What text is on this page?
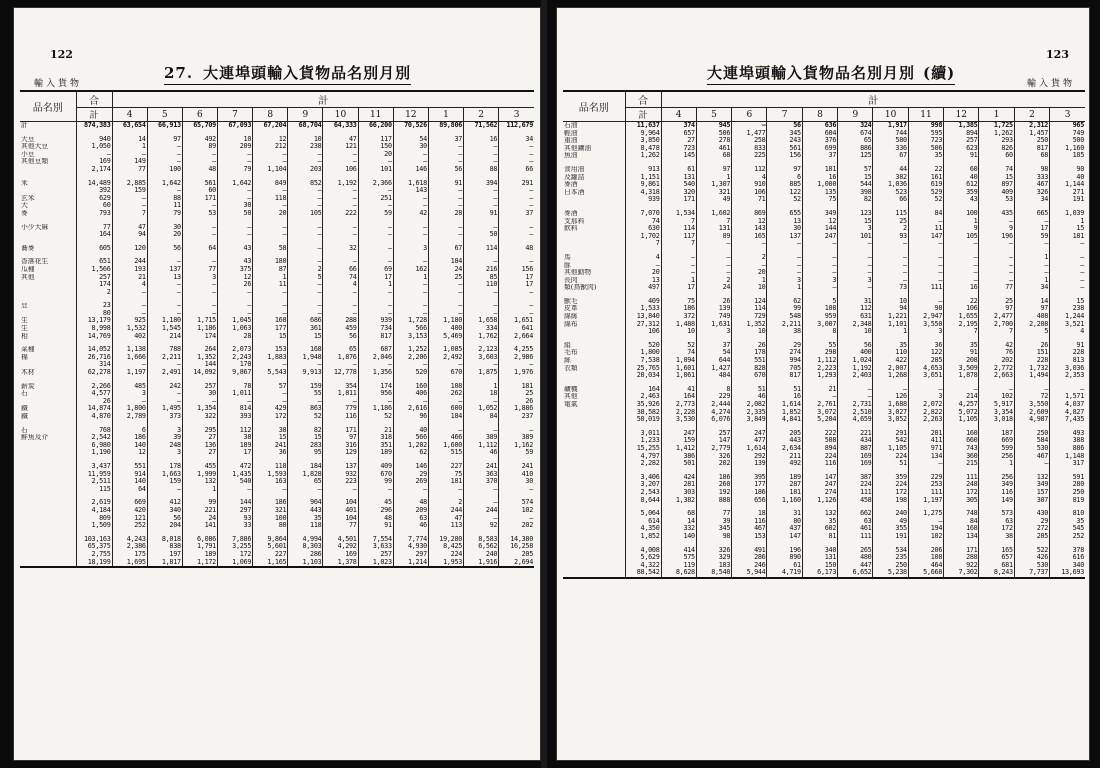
122
輸入貨物
27. 大連埠頭輸入貨物品名別月別
品名別	合	計											
	計	4	5	6	7	8	9	10	11	12	1	2	3
計	874,383	63,654	66,913	65,709	67,093	67,204	68,704	64,333	66,200	70,526	89,806	71,562	112,679

大豆	940	14	97	492	10	12	10	47	117	54	37	16	34
其他大豆	1,050	1	—	89	209	212	238	121	150	30	—	—	—
小豆	—	—	—	—	—	—	—	—	20	—	—	—	—
其他豆類	169	149	—	—	—	—	—	—	—	—	—	—	—
	2,174	77	100	48	79	1,104	203	106	101	146	56	88	66

米	14,489	2,885	1,642	561	1,642	849	852	1,192	2,366	1,618	91	394	291
	392	159	—	60	—	—	—	—	—	143	—	—	—
玄米	629	—	88	171	—	118	—	—	251	—	—	—	—
大	60	—	11	—	30	—	—	—	—	—	—	—	—
麥	793	7	79	53	50	20	105	222	59	42	28	91	37

小少大麻	77	47	30	—	—	—	—	—	—	—	—	—	—
	164	94	20	—	—	—	—	—	—	—	—	50	—

蕎麥	605	120	56	64	43	58	—	32	—	3	67	114	48

香落花生	651	244	—	—	43	180	—	—	—	—	184	—	—
瓜種	1,566	193	137	77	375	87	2	66	69	162	24	216	156
其他	257	21	13	3	12	1	5	74	17	1	25	85	17
	174	4	—	—	26	11	—	4	1	—	—	110	17
	2	—	—	—	—	—	—	—	—	—	—	—	—

豆	23	—	—	—	—	—	—	—	—	—	—	—	—
	80	—	—	—	—	—	—	—	—	—	—	—	—
生	13,179	925	1,180	1,715	1,045	168	686	288	939	1,728	1,180	1,658	1,651
生	8,998	1,532	1,545	1,186	1,063	177	361	459	734	566	400	334	641
相	14,769	402	214	174	28	15	15	56	817	3,153	5,469	1,762	2,664

菜種	14,052	1,138	788	264	2,073	153	168	65	687	1,252	1,085	2,123	4,255
棉	26,716	1,666	2,211	1,352	2,243	1,883	1,948	1,876	2,046	2,206	2,492	3,603	2,986
	314	—	—	144	170	—	—	—	—	—	—	—	—
木材	62,278	1,197	2,491	14,092	9,867	5,543	9,913	12,778	1,356	520	670	1,875	1,976

薪炭	2,266	485	242	257	78	57	159	354	174	160	108	1	181
石	4,577	3	—	30	1,011	—	55	1,811	956	406	262	18	25
	26	—	—	—	—	—	—	—	—	—	—	—	26
鐵	14,874	1,800	1,495	1,354	814	429	863	779	1,186	2,616	600	1,052	1,886
鐵	4,870	2,789	373	322	393	172	52	116	52	96	184	84	237

石	768	6	3	295	112	38	82	171	21	40	—	—	—
鮮魚及介	2,542	186	39	27	38	15	15	97	318	566	466	389	389
	6,980	140	248	136	189	241	283	316	351	1,202	1,600	1,112	1,162
	1,190	12	3	27	17	36	95	129	189	62	515	46	59

	3,437	551	178	455	472	118	184	137	409	146	227	241	241
	11,959	914	1,663	1,999	1,435	1,593	1,828	932	670	29	75	363	410
	2,511	140	159	132	540	163	65	223	99	269	181	370	30
	115	64	—	1	—	—	—	—	—	—	—	—	—

	2,619	669	412	99	144	186	904	104	45	48	2	—	574
	4,184	420	340	221	297	321	443	401	296	209	244	244	102
	809	121	56	24	93	100	35	104	48	63	47	—	—
	1,509	252	204	141	33	80	118	77	91	46	113	92	202

	103,163	4,243	8,018	6,086	7,886	9,864	4,994	4,501	7,554	7,774	19,280	8,583	14,380
	65,375	2,386	838	1,791	3,255	5,601	8,303	4,292	3,633	4,930	8,425	6,562	16,258
	2,755	175	197	189	172	227	286	169	257	297	224	240	205
	18,199	1,695	1,817	1,172	1,069	1,165	1,103	1,378	1,023	1,214	1,953	1,916	2,694
123
輸入貨物
大連埠頭輸入貨物品名別月別 (續)
品名別	合	計											
	計	4	5	6	7	8	9	10	11	12	1	2	3
石油	11,637	374	945	—	56	636	324	1,917	998	1,385	1,725	2,312	965
輕油	9,964	657	506	1,477	345	604	674	744	595	894	1,262	1,457	749
重油	3,850	27	278	258	243	376	65	580	723	257	293	250	500
其他鑛油	8,478	723	461	833	561	699	886	336	506	623	826	817	1,160
魚油	1,262	145	68	225	156	37	125	67	35	91	60	68	185

食用油	913	61	97	112	97	101	57	44	22	60	74	98	90
及罐詰	1,151	131	1	4	6	16	15	382	161	40	15	333	40
麥酒	9,861	540	1,307	910	885	1,000	544	1,036	619	612	897	467	1,144
日本酒	4,318	320	321	106	122	135	398	523	529	359	409	326	271
	939	171	49	71	52	75	82	66	52	43	53	34	191

麥酒	7,070	1,534	1,602	869	655	349	123	115	84	100	435	665	1,039
支那料	74	7	7	12	13	12	15	25	—	1	—	—	1
飲料	630	114	131	143	30	144	3	2	11	9	9	17	15
	1,702	117	89	165	137	247	101	93	147	105	196	59	181
	7	7	—	—	—	—	—	—	—	—	—	—	—

馬	4	—	—	2	—	—	—	—	—	—	—	1	—
豚	—	—	—	—	—	—	—	—	—	—	—	—	—
其他動物	20	—	—	20	—	—	—	—	—	—	—	—	—
長肉	13	1	2	1	3	3	3	—	—	—	—	1	—
類(鳥獸肉)	497	17	24	10	1	—	—	73	111	16	77	34	—

獸毛	409	75	26	124	62	5	31	10	—	22	25	14	15
皮革	1,533	186	139	114	99	108	112	94	98	106	97	97	238
綿絲	13,840	372	749	729	548	959	631	1,221	2,947	1,655	2,477	408	1,244
綿布	27,312	1,488	1,631	1,352	2,211	3,007	2,348	1,101	3,550	2,195	2,700	2,208	3,521
	106	10	3	10	38	8	10	1	3	7	7	5	4

絹	520	52	37	26	29	55	56	35	36	35	42	26	91
毛布	1,800	74	54	178	274	298	400	110	122	91	76	151	228
絲	7,538	1,094	644	551	994	1,112	1,024	422	285	208	202	228	813
衣類	25,765	1,601	1,427	828	705	2,223	1,192	2,007	4,653	3,509	2,772	1,732	3,036
	20,034	1,061	484	670	817	1,293	2,403	1,268	3,651	1,878	2,663	1,494	2,353

礦機	164	41	8	51	51	21	—	—	—	—	—	—	—
其他	2,463	164	229	46	16	—	—	126	3	214	102	72	1,571
電氣	35,926	2,773	2,444	2,082	1,614	2,761	2,731	1,688	2,072	4,257	5,917	3,550	4,037
	38,582	2,228	4,274	2,335	1,852	3,072	2,510	3,027	2,822	5,072	3,354	2,609	4,827
	50,019	3,530	6,076	3,849	4,841	5,204	4,659	3,052	2,263	1,105	3,018	4,987	7,435

	3,011	247	257	247	205	222	221	291	201	160	187	250	493
	1,233	159	147	477	443	508	434	542	411	660	669	584	388
	15,255	1,412	2,779	1,614	2,634	894	887	1,105	971	743	599	530	886
	4,797	386	326	292	211	224	169	224	134	360	256	467	1,148
	2,282	501	202	139	492	116	169	51	—	215	1	—	317

	3,406	424	186	395	189	147	387	359	229	111	256	132	591
	3,207	281	260	177	287	247	224	224	253	248	349	349	280
	2,543	303	192	186	181	274	111	172	111	172	116	157	250
	8,644	1,382	888	656	1,160	1,126	458	198	1,197	305	149	307	819

	5,064	68	77	18	31	132	662	240	1,275	748	573	430	810
	614	14	39	116	80	35	63	49	—	84	63	29	35
	4,350	332	345	467	437	602	461	355	194	168	172	272	545
	1,852	140	98	153	147	81	111	191	102	134	38	205	252

	4,008	414	326	491	196	340	265	534	206	171	165	522	378
	5,629	575	329	286	890	131	480	235	108	288	657	426	616
	4,322	119	103	246	61	150	447	250	464	922	681	530	340
	88,542	8,628	8,540	5,944	4,719	6,173	6,652	5,238	5,668	7,302	8,243	7,737	13,693
